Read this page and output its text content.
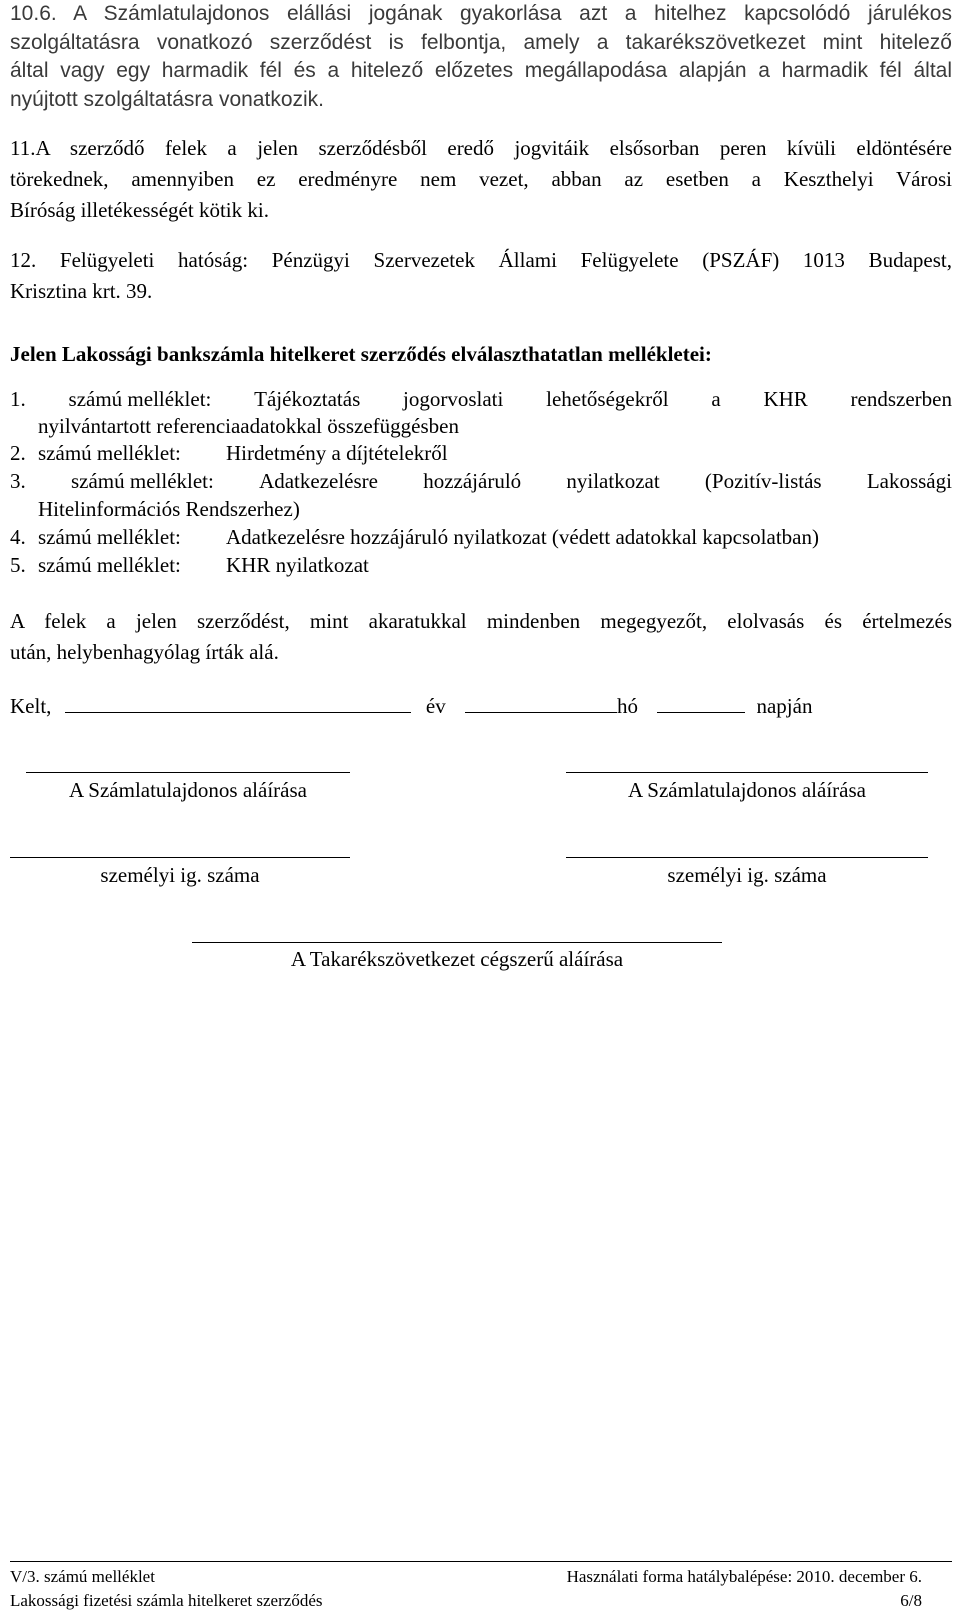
10.6. A Számlatulajdonos elállási jogának gyakorlása azt a hitelhez kapcsolódó járulékos
szolgáltatásra vonatkozó szerződést is felbontja, amely a takarékszövetkezet mint hitelező
által vagy egy harmadik fél és a hitelező előzetes megállapodása alapján a harmadik fél által
nyújtott szolgáltatásra vonatkozik.
11.A szerződő felek a jelen szerződésből eredő jogvitáik elsősorban peren kívüli eldöntésére
törekednek, amennyiben ez eredményre nem vezet, abban az esetben a Keszthelyi Városi
Bíróság illetékességét kötik ki.
12. Felügyeleti hatóság: Pénzügyi Szervezetek Állami Felügyelete (PSZÁF) 1013 Budapest,
Krisztina krt. 39.
Jelen Lakossági bankszámla hitelkeret szerződés elválaszthatatlan mellékletei:
1. számú melléklet: Tájékoztatás jogorvoslati lehetőségekről a KHR rendszerben
nyilvántartott referenciaadatokkal összefüggésben
2. számú melléklet: Hirdetmény a díjtételekről
3. számú melléklet: Adatkezelésre hozzájáruló nyilatkozat (Pozitív-listás Lakossági
Hitelinformációs Rendszerhez)
4. számú melléklet: Adatkezelésre hozzájáruló nyilatkozat (védett adatokkal kapcsolatban)
5. számú melléklet: KHR nyilatkozat
A felek a jelen szerződést, mint akaratukkal mindenben megegyezőt, elolvasás és értelmezés
után, helybenhagyólag írták alá.
Kelt,	év	hó	napján
A Számlatulajdonos aláírása	A Számlatulajdonos aláírása
személyi ig. száma	személyi ig. száma
A Takarékszövetkezet cégszerű aláírása
V/3. számú melléklet	Használati forma hatálybalépése: 2010. december 6.
Lakossági fizetési számla hitelkeret szerződés	6/8
